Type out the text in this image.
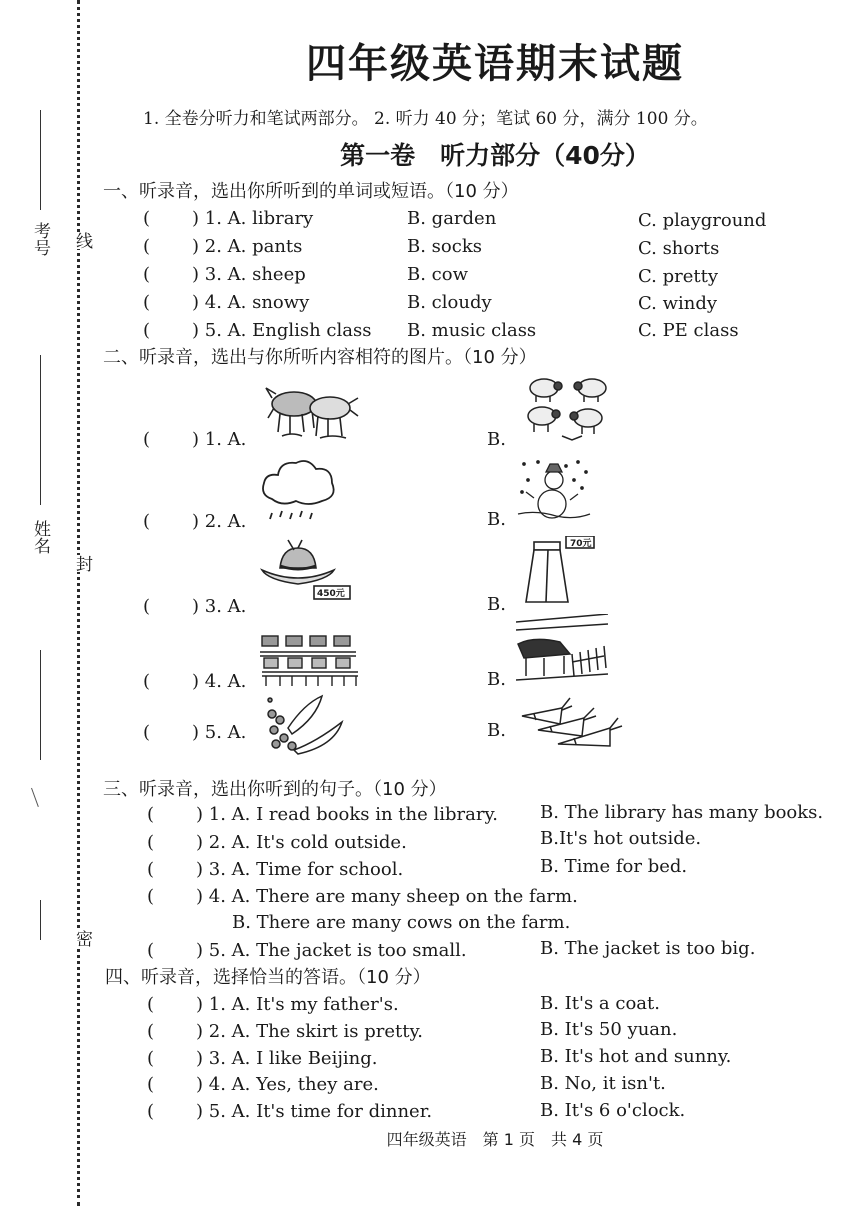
考号 线
姓名
封
密
四年级英语期末试题
1. 全卷分听力和笔试两部分。 2. 听力 40 分；笔试 60 分，满分 100 分。
第一卷　听力部分（40分）
一、听录音，选出你所听到的单词或短语。（10 分）
( ) 1. A. library	B. garden	C. playground
( ) 2. A. pants	B. socks	C. shorts
( ) 3. A. sheep	B. cow	C. pretty
( ) 4. A. snowy	B. cloudy	C. windy
( ) 5. A. English class B. music class	C. PE class
二、听录音，选出与你所听内容相符的图片。（10 分）
( ) 1. A.	B.
( ) 2. A.	B.
( ) 3. A.	B.
( ) 4. A.	B.
( ) 5. A.	B.
450元
70元
三、听录音，选出你听到的句子。（10 分）
( ) 1. A. I read books in the library. B. The library has many books.
( ) 2. A. It's cold outside.	B.It's hot outside.
( ) 3. A. Time for school.	B. Time for bed.
( ) 4. A. There are many sheep on the farm.
B. There are many cows on the farm.
( ) 5. A. The jacket is too small.	B. The jacket is too big.
四、听录音，选择恰当的答语。（10 分）
( ) 1. A. It's my father's.	B. It's a coat.
( ) 2. A. The skirt is pretty.	B. It's 50 yuan.
( ) 3. A. I like Beijing.	B. It's hot and sunny.
( ) 4. A. Yes, they are.	B. No, it isn't.
( ) 5. A. It's time for dinner.	B. It's 6 o'clock.
四年级英语　第 1 页　共 4 页
